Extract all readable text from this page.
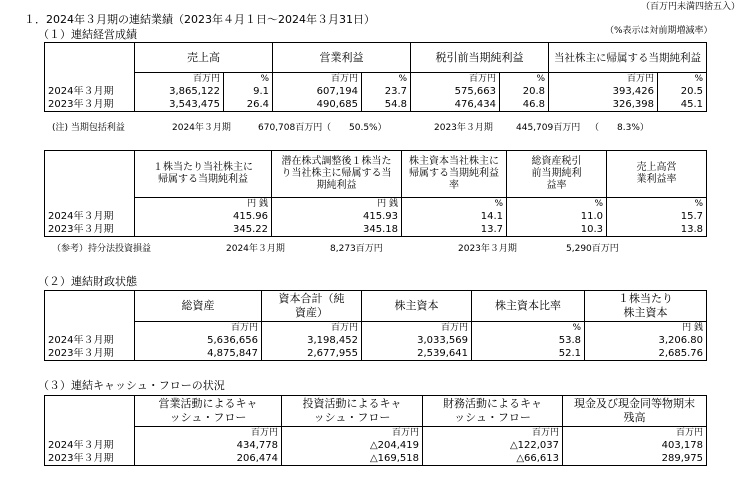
（百万円未満四捨五入）
１．2024年３月期の連結業績（2023年４月１日～2024年３月31日）
（%表示は対前期増減率）
（１）連結経営成績
	売上高		営業利益		税引前当期純利益		当社株主に帰属する当期純利益	
	百万円	%	百万円	%	百万円	%	百万円	%
2024年３月期	3,865,122	9.1	607,194	23.7	575,663	20.8	393,426	20.5
2023年３月期	3,543,475	26.4	490,685	54.8	476,434	46.8	326,398	45.1
(注) 当期包括利益	2024年３月期	670,708百万円 （　　50.5%）	2023年３月期	445,709百万円 （　　8.3%）
	１株当たり当社株主に帰属する当期純利益	潜在株式調整後１株当たり当社株主に帰属する当期純利益	株主資本当社株主に帰属する当期純利益率	総資産税引前当期純利益率	売上高営業利益率
	円 銭	円 銭	%	%	%
2024年３月期	415.96	415.93	14.1	11.0	15.7
2023年３月期	345.22	345.18	13.7	10.3	13.8
（参考）持分法投資損益	2024年３月期	8,273百万円	2023年３月期	5,290百万円
（２）連結財政状態
	総資産	資本合計（純資産）	株主資本	株主資本比率	１株当たり株主資本
	百万円	百万円	百万円	%	円 銭
2024年３月期	5,636,656	3,198,452	3,033,569	53.8	3,206.80
2023年３月期	4,875,847	2,677,955	2,539,641	52.1	2,685.76
（３）連結キャッシュ・フローの状況
	営業活動によるキャッシュ・フロー	投資活動によるキャッシュ・フロー	財務活動によるキャッシュ・フロー	現金及び現金同等物期末残高
	百万円	百万円	百万円	百万円
2024年３月期	434,778	△204,419	△122,037	403,178
2023年３月期	206,474	△169,518	△66,613	289,975
